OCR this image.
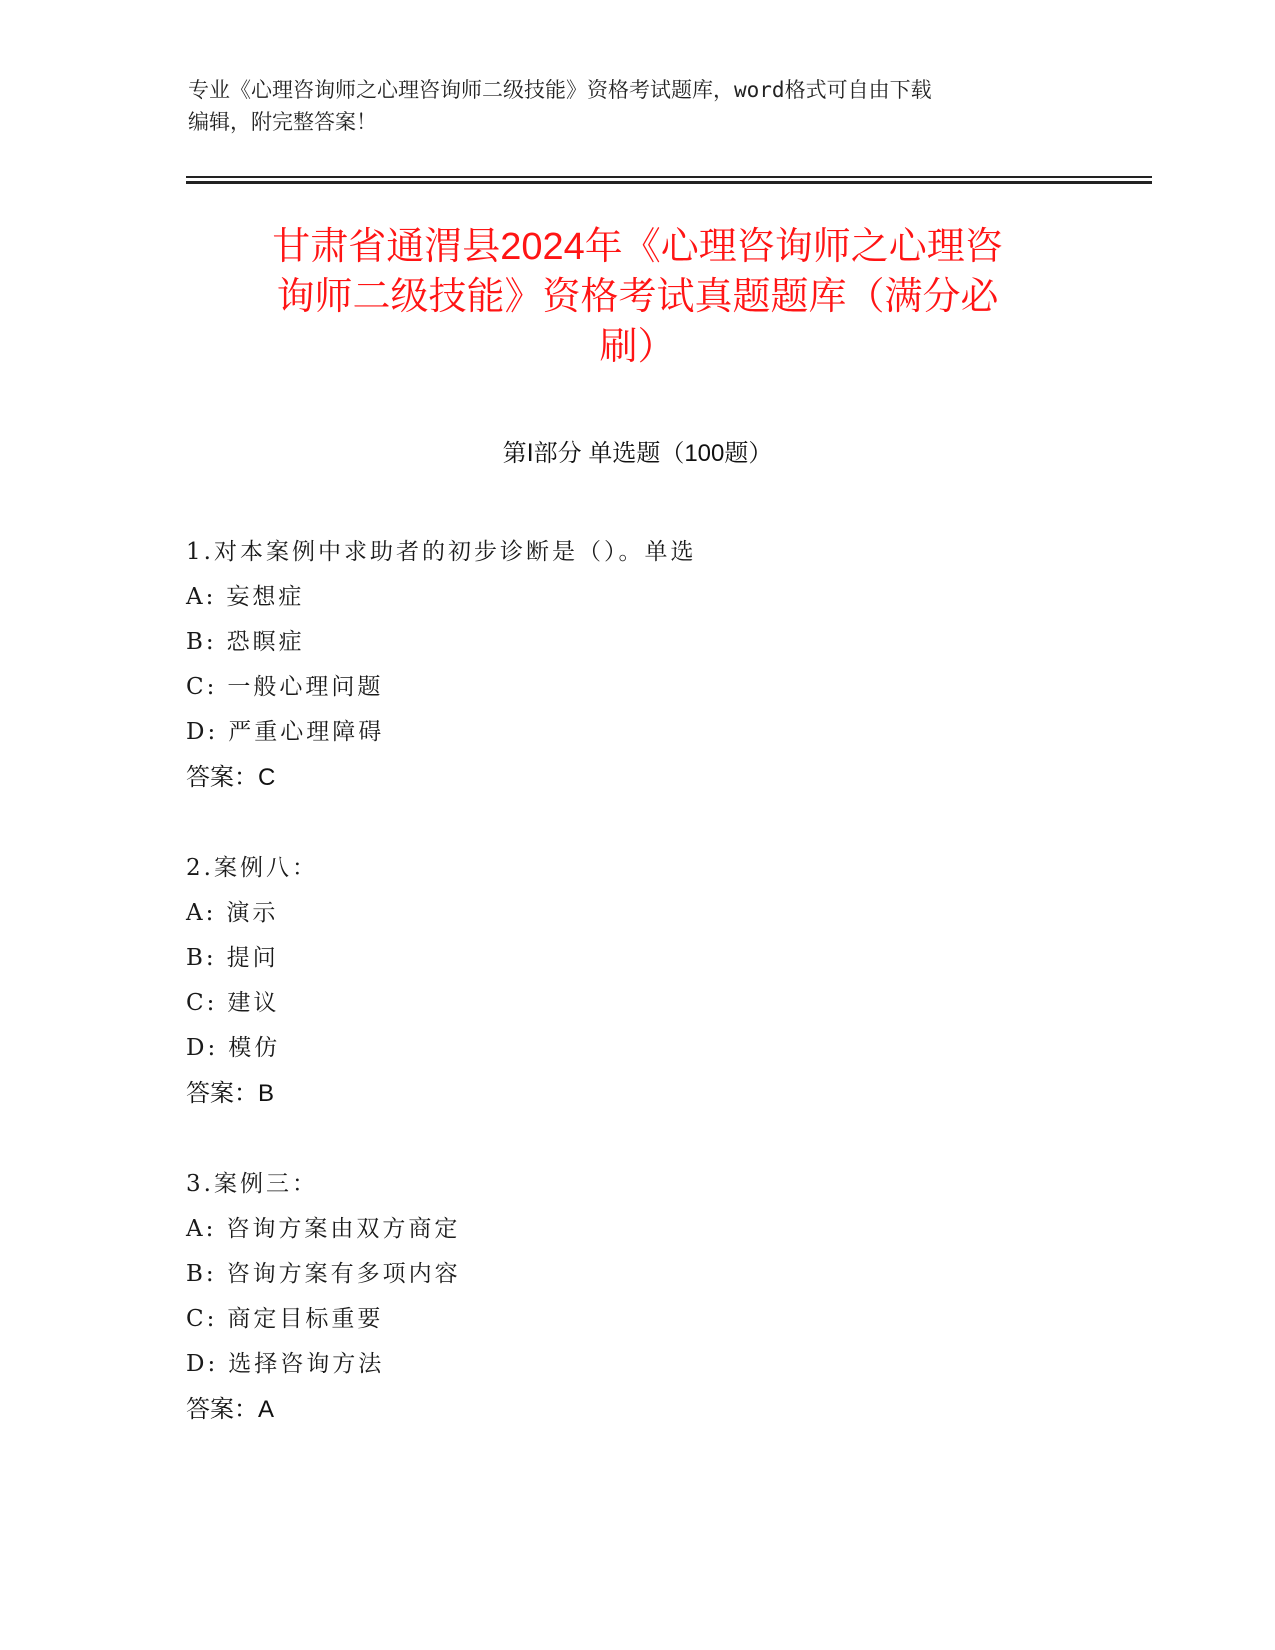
专业《心理咨询师之心理咨询师二级技能》资格考试题库，word格式可自由下载
编辑，附完整答案！
甘肃省通渭县2024年《心理咨询师之心理咨
询师二级技能》资格考试真题题库（满分必
刷）
第Ⅰ部分 单选题（100题）
1.对本案例中求助者的初步诊断是（）。单选
A: 妄想症
B: 恐瞑症
C: 一般心理问题
D: 严重心理障碍
答案：C
2.案例八：
A: 演示
B: 提问
C: 建议
D: 模仿
答案：B
3.案例三：
A: 咨询方案由双方商定
B: 咨询方案有多项内容
C: 商定目标重要
D: 选择咨询方法
答案：A
